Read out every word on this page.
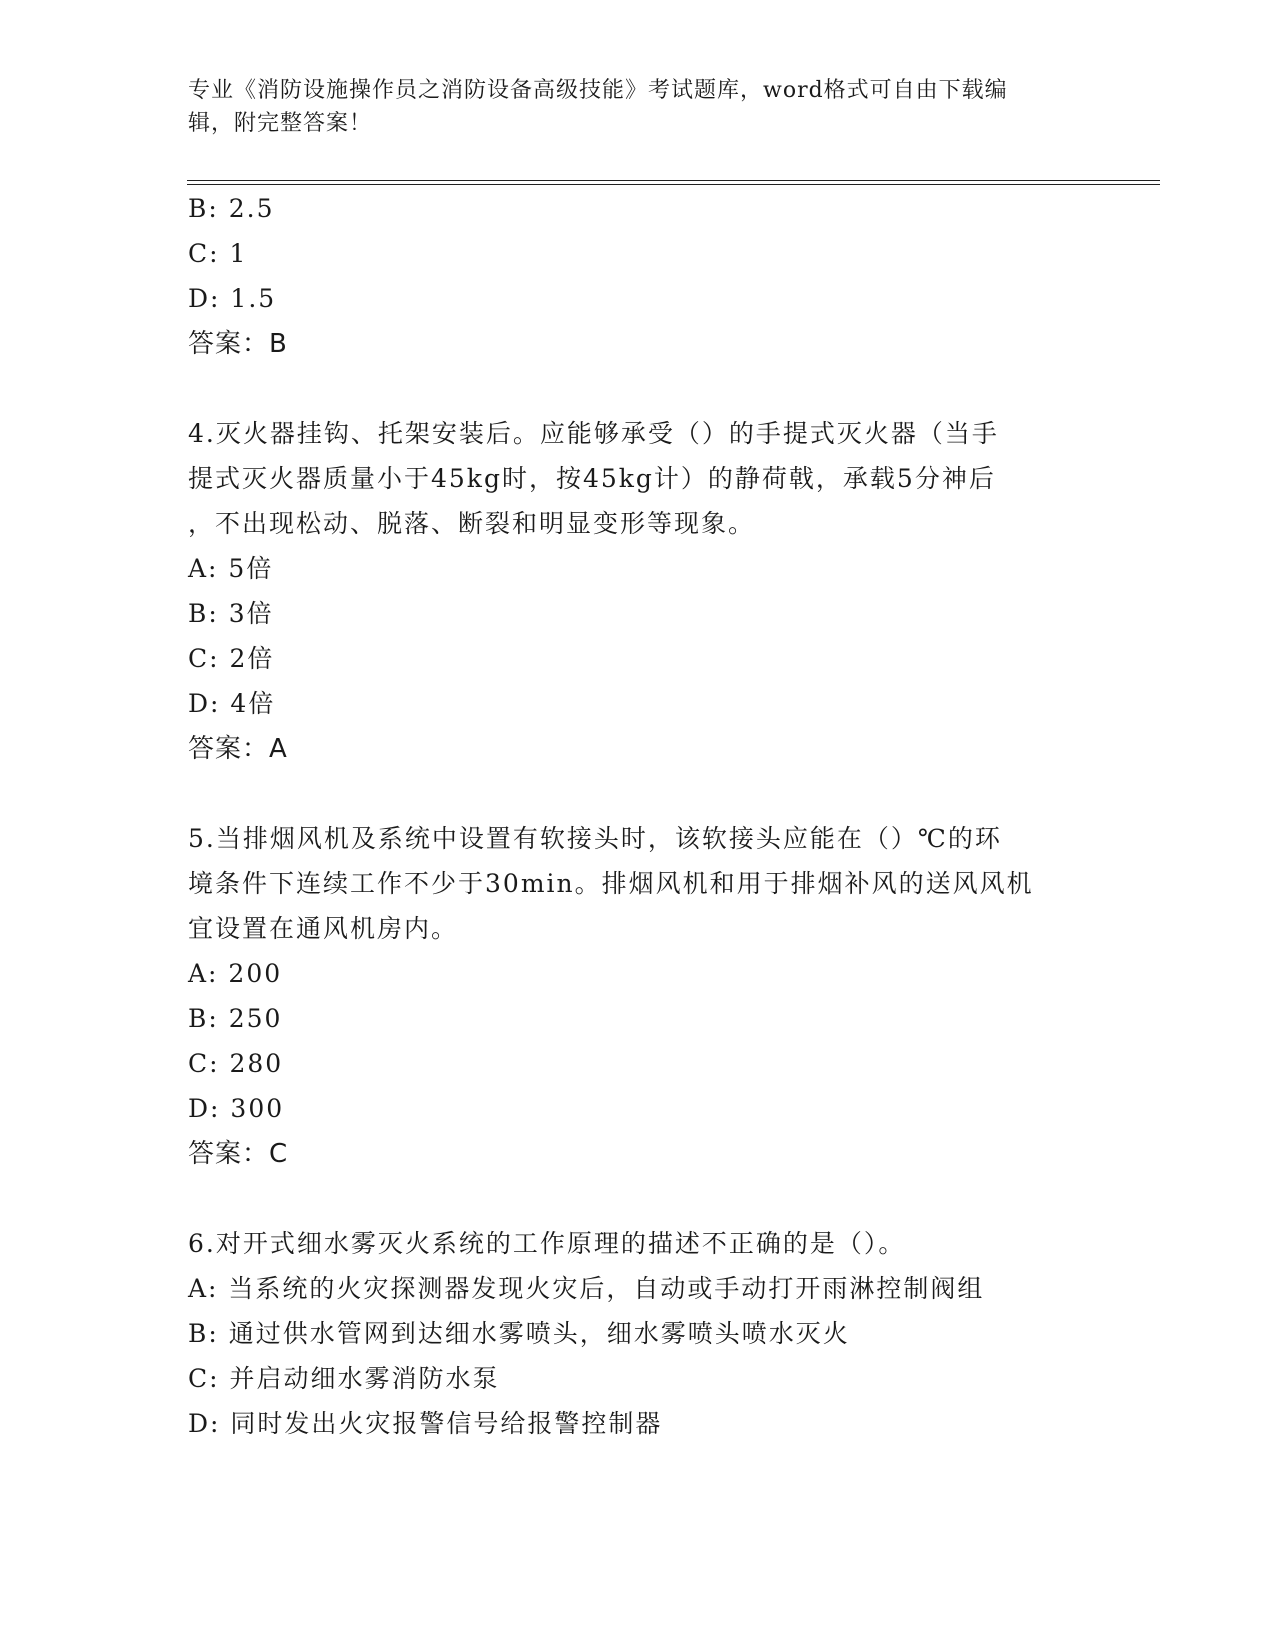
专业《消防设施操作员之消防设备高级技能》考试题库，word格式可自由下载编
辑，附完整答案！
B: 2.5
C: 1
D: 1.5
答案：B
4.灭火器挂钩、托架安装后。应能够承受（）的手提式灭火器（当手
提式灭火器质量小于45kg时，按45kg计）的静荷戟，承载5分神后
，不出现松动、脱落、断裂和明显变形等现象。
A: 5倍
B: 3倍
C: 2倍
D: 4倍
答案：A
5.当排烟风机及系统中设置有软接头时，该软接头应能在（）℃的环
境条件下连续工作不少于30min。排烟风机和用于排烟补风的送风风机
宜设置在通风机房内。
A: 200
B: 250
C: 280
D: 300
答案：C
6.对开式细水雾灭火系统的工作原理的描述不正确的是（）。
A: 当系统的火灾探测器发现火灾后，自动或手动打开雨淋控制阀组
B: 通过供水管网到达细水雾喷头，细水雾喷头喷水灭火
C: 并启动细水雾消防水泵
D: 同时发出火灾报警信号给报警控制器
